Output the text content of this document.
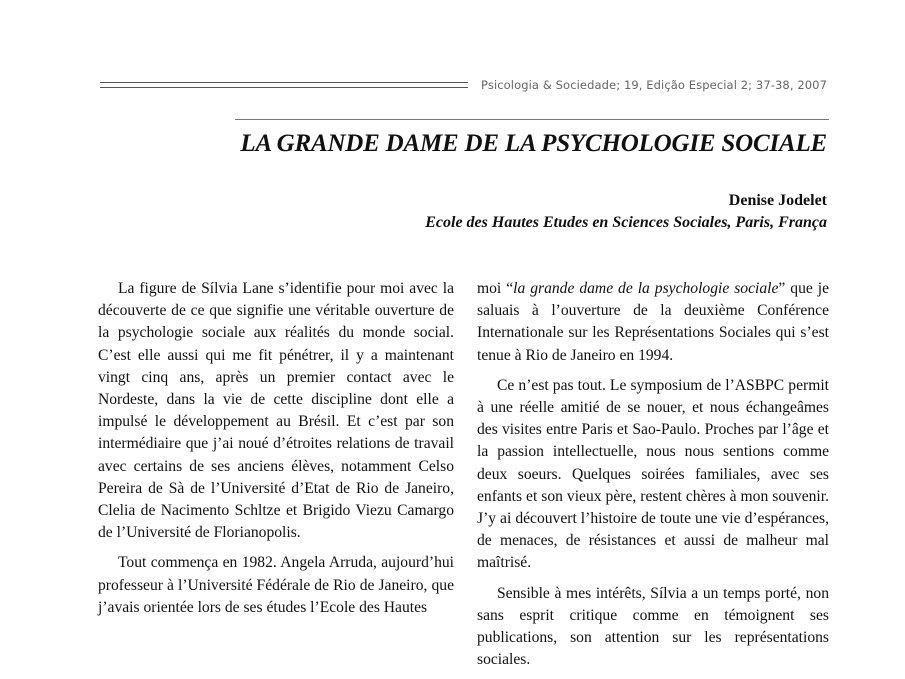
Psicologia & Sociedade; 19, Edição Especial 2; 37-38, 2007
LA GRANDE DAME DE LA PSYCHOLOGIE SOCIALE
Denise Jodelet
Ecole des Hautes Etudes en Sciences Sociales, Paris, França

La figure de Sílvia Lane s’identifie pour moi avec la découverte de ce que signifie une véritable ouverture de la psychologie sociale aux réalités du monde social. C’est elle aussi qui me fit pénétrer, il y a maintenant vingt cinq ans, après un premier contact avec le Nordeste, dans la vie de cette discipline dont elle a impulsé le développement au Brésil. Et c’est par son intermédiaire que j’ai noué d’étroites relations de travail avec certains de ses anciens élèves, notamment Celso Pereira de Sà de l’Université d’Etat de Rio de Janeiro, Clelia de Nacimento Schltze et Brigido Viezu Camargo de l’Université de Florianopolis.

Tout commença en 1982. Angela Arruda, aujourd’hui professeur à l’Université Fédérale de Rio de Janeiro, que j’avais orientée lors de ses études l’Ecole des Hautes

moi “la grande dame de la psychologie sociale” que je saluais à l’ouverture de la deuxième Conférence Internationale sur les Représentations Sociales qui s’est tenue à Rio de Janeiro en 1994.

Ce n’est pas tout. Le symposium de l’ASBPC permit à une réelle amitié de se nouer, et nous échangeâmes des visites entre Paris et Sao-Paulo. Proches par l’âge et la passion intellectuelle, nous nous sentions comme deux soeurs. Quelques soirées familiales, avec ses enfants et son vieux père, restent chères à mon souvenir. J’y ai découvert l’histoire de toute une vie d’espérances, de menaces, de résistances et aussi de malheur mal maîtrisé.

Sensible à mes intérêts, Sílvia a un temps porté, non sans esprit critique comme en témoignent ses publications, son attention sur les représentations sociales.
